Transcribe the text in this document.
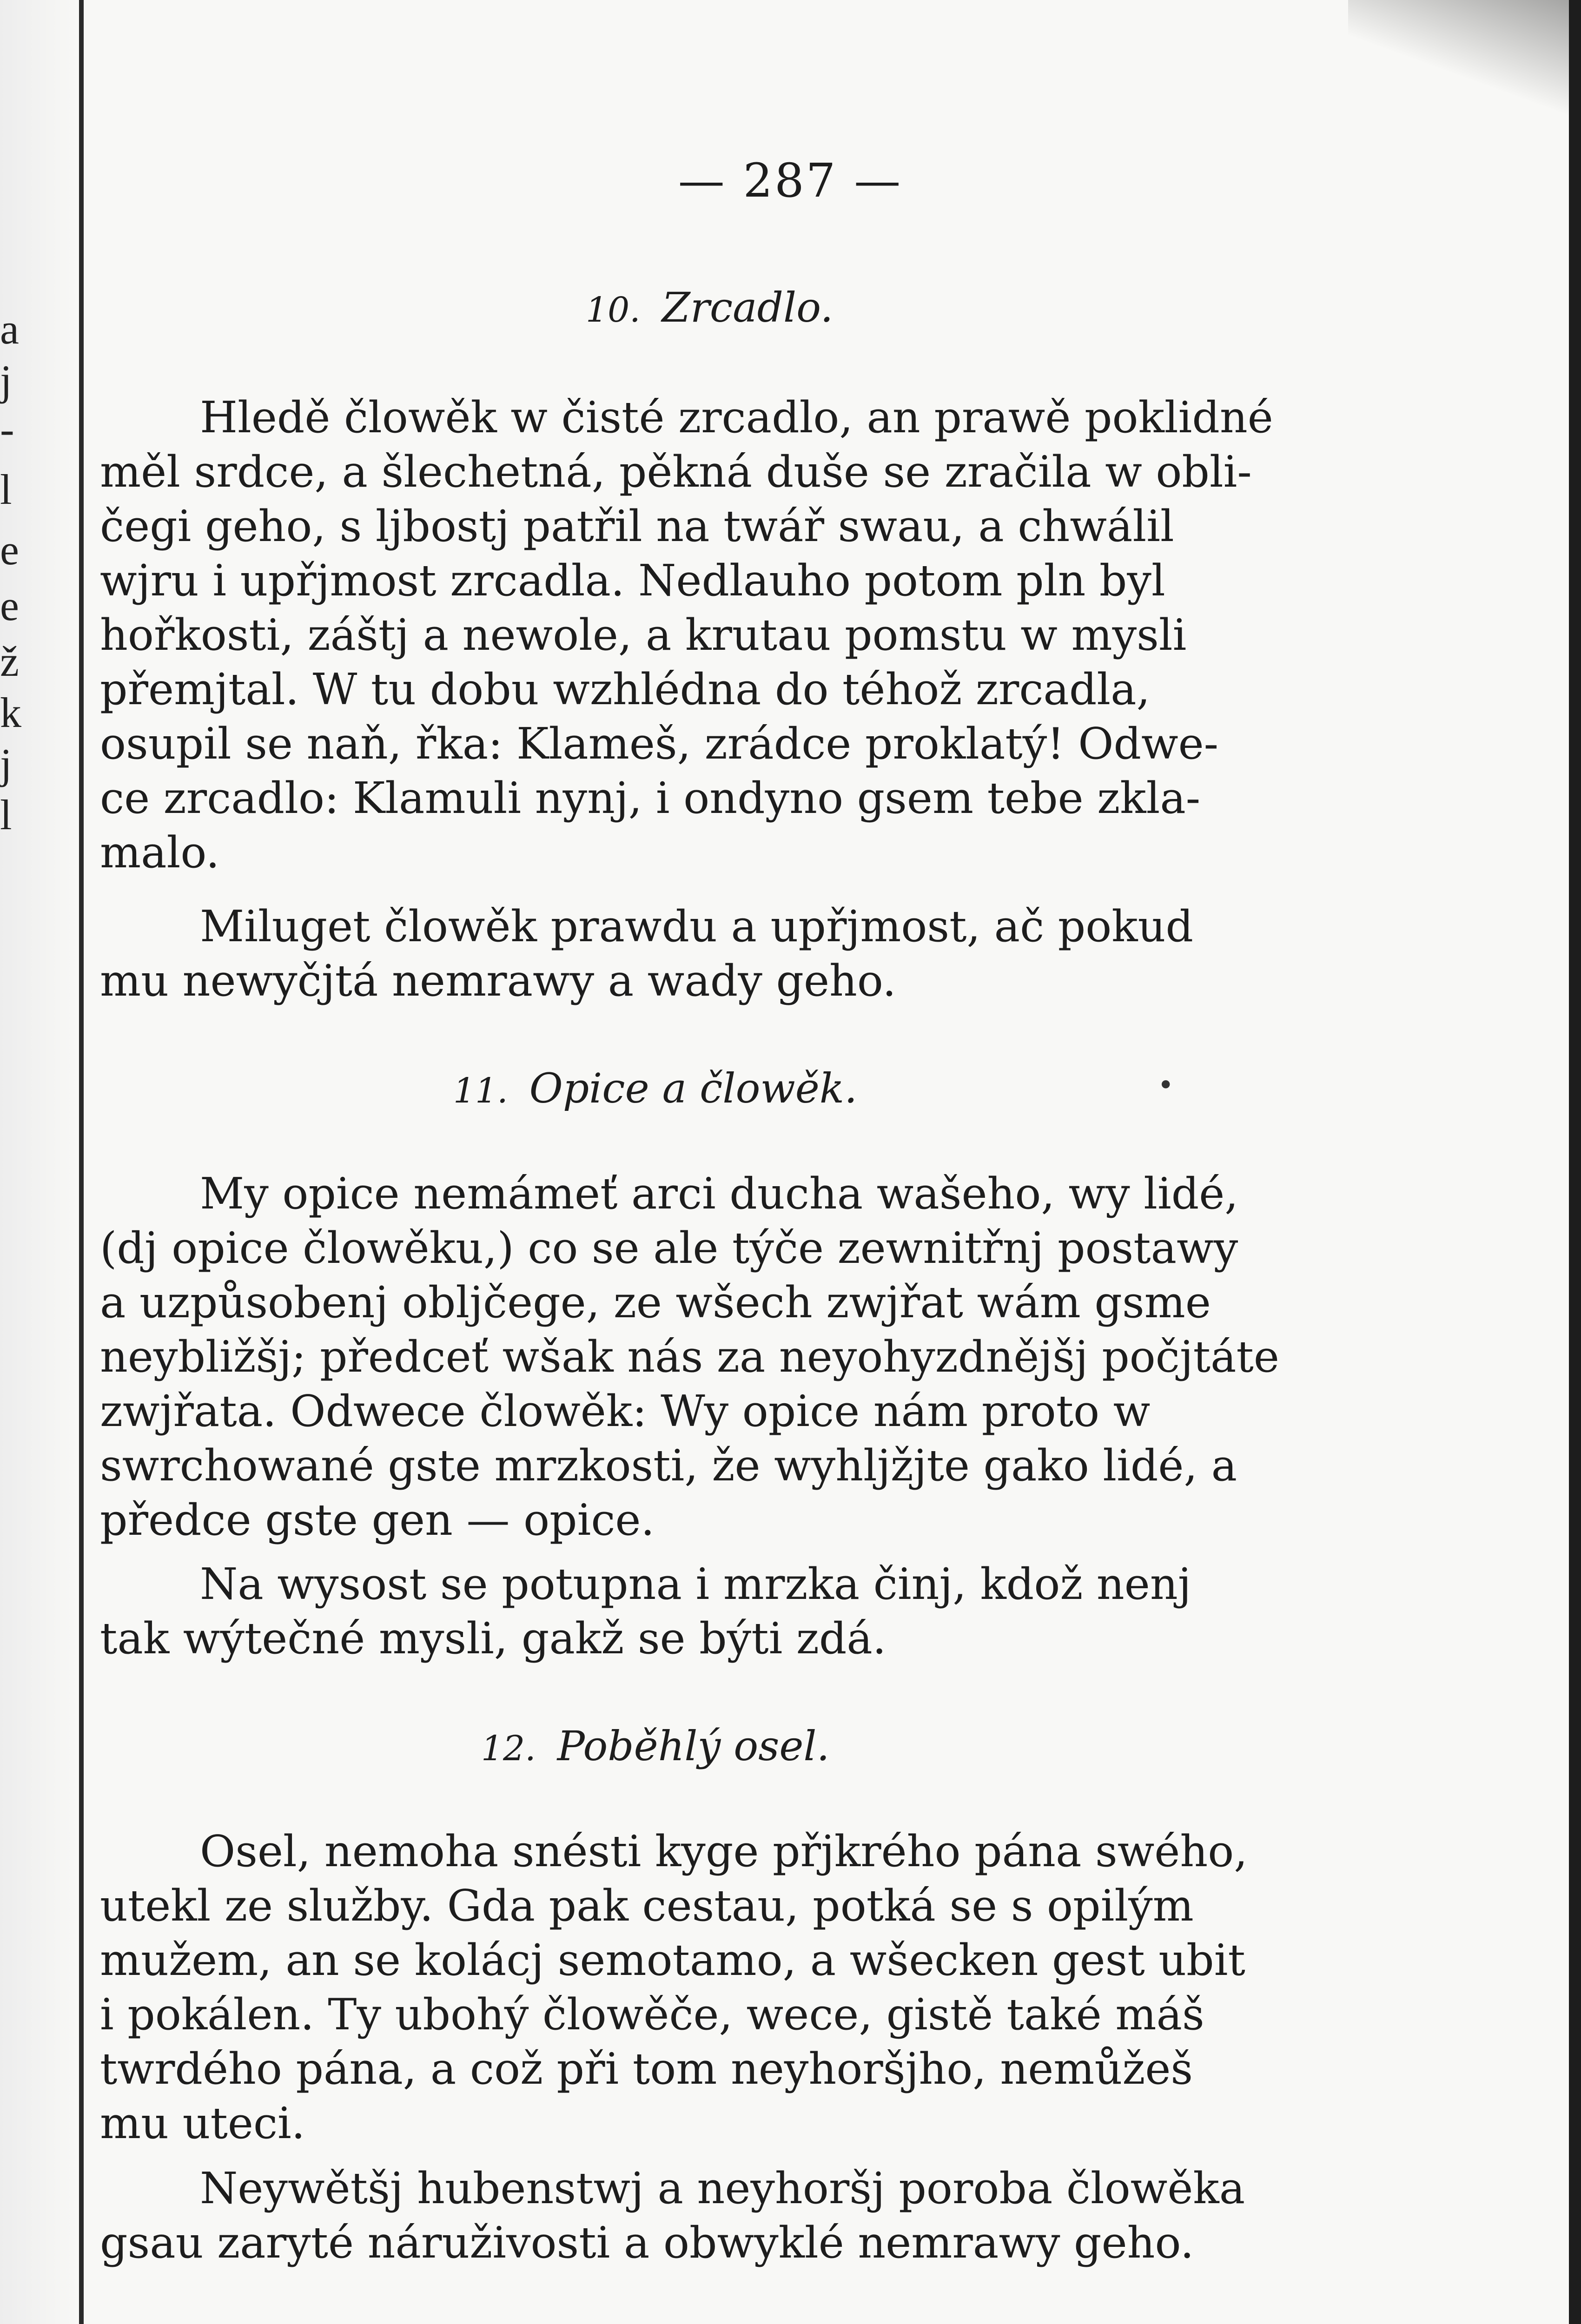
a
j
-
l
e
e
ž
k
j
l
— 287 —
10. Zrcadlo.
Hledě člowěk w čisté zrcadlo, an prawě poklidné
měl srdce, a šlechetná, pěkná duše se zračila w obli-
čegi geho, s ljbostj patřil na twář swau, a chwálil
wjru i upřjmost zrcadla. Nedlauho potom pln byl
hořkosti, záštj a newole, a krutau pomstu w mysli
přemjtal. W tu dobu wzhlédna do téhož zrcadla,
osupil se naň, řka: Klameš, zrádce proklatý! Odwe-
ce zrcadlo: Klamuli nynj, i ondyno gsem tebe zkla-
malo.
Miluget člowěk prawdu a upřjmost, ač pokud
mu newyčjtá nemrawy a wady geho.
11. Opice a člowěk.	•
My opice nemámeť arci ducha wašeho, wy lidé,
(dj opice člowěku,) co se ale týče zewnitřnj postawy
a uzpůsobenj obljčege, ze wšech zwjřat wám gsme
neybližšj; předceť wšak nás za neyohyzdnějšj počjtáte
zwjřata. Odwece člowěk: Wy opice nám proto w
swrchowané gste mrzkosti, že wyhljžjte gako lidé, a
předce gste gen — opice.
Na wysost se potupna i mrzka činj, kdož nenj
tak wýtečné mysli, gakž se býti zdá.
12. Poběhlý osel.
Osel, nemoha snésti kyge přjkrého pána swého,
utekl ze služby. Gda pak cestau, potká se s opilým
mužem, an se kolácj semotamo, a wšecken gest ubit
i pokálen. Ty ubohý člowěče, wece, gistě také máš
twrdého pána, a což při tom neyhoršjho, nemůžeš
mu uteci.
Neywětšj hubenstwj a neyhoršj poroba člowěka
gsau zaryté náruživosti a obwyklé nemrawy geho.
